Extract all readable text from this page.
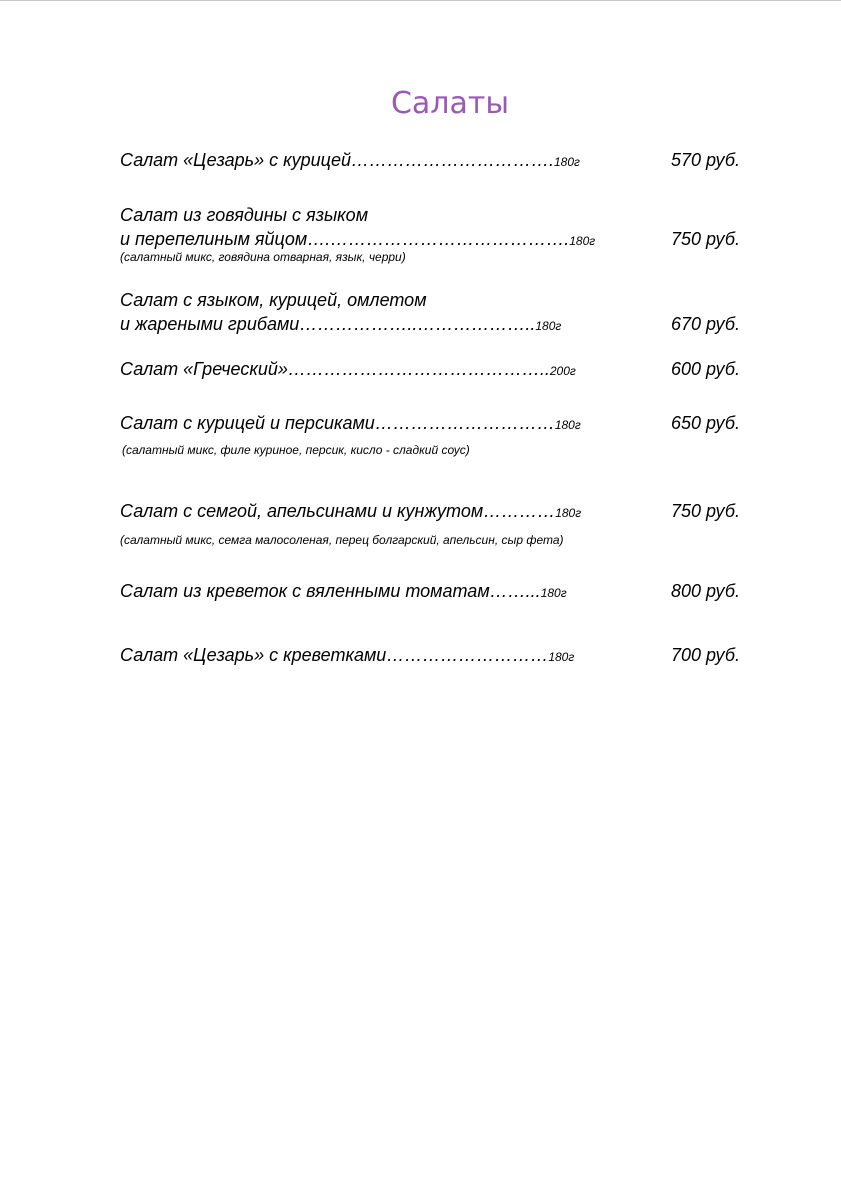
Салаты
Салат «Цезарь» с курицей…………………………….180г	570 руб.
Салат из говядины с языком
и перепелиным яйцом….………………………………….180г	750 руб.
(салатный микс, говядина отварная, язык, черри)
Салат с языком, курицей, омлетом
и жареными грибами………………..………………..180г	670 руб.
Салат «Греческий»……………………………………..200г	600 руб.
Салат с курицей и персиками…………………………180г	650 руб.
(салатный микс, филе куриное, персик, кисло - сладкий соус)
Салат с семгой, апельсинами и кунжутом…………180г	750 руб.
(салатный микс, семга малосоленая, перец болгарский, апельсин, сыр фета)
Салат из креветок с вяленными томатам……...180г	800 руб.
Салат «Цезарь» с креветками………………………180г	700 руб.
